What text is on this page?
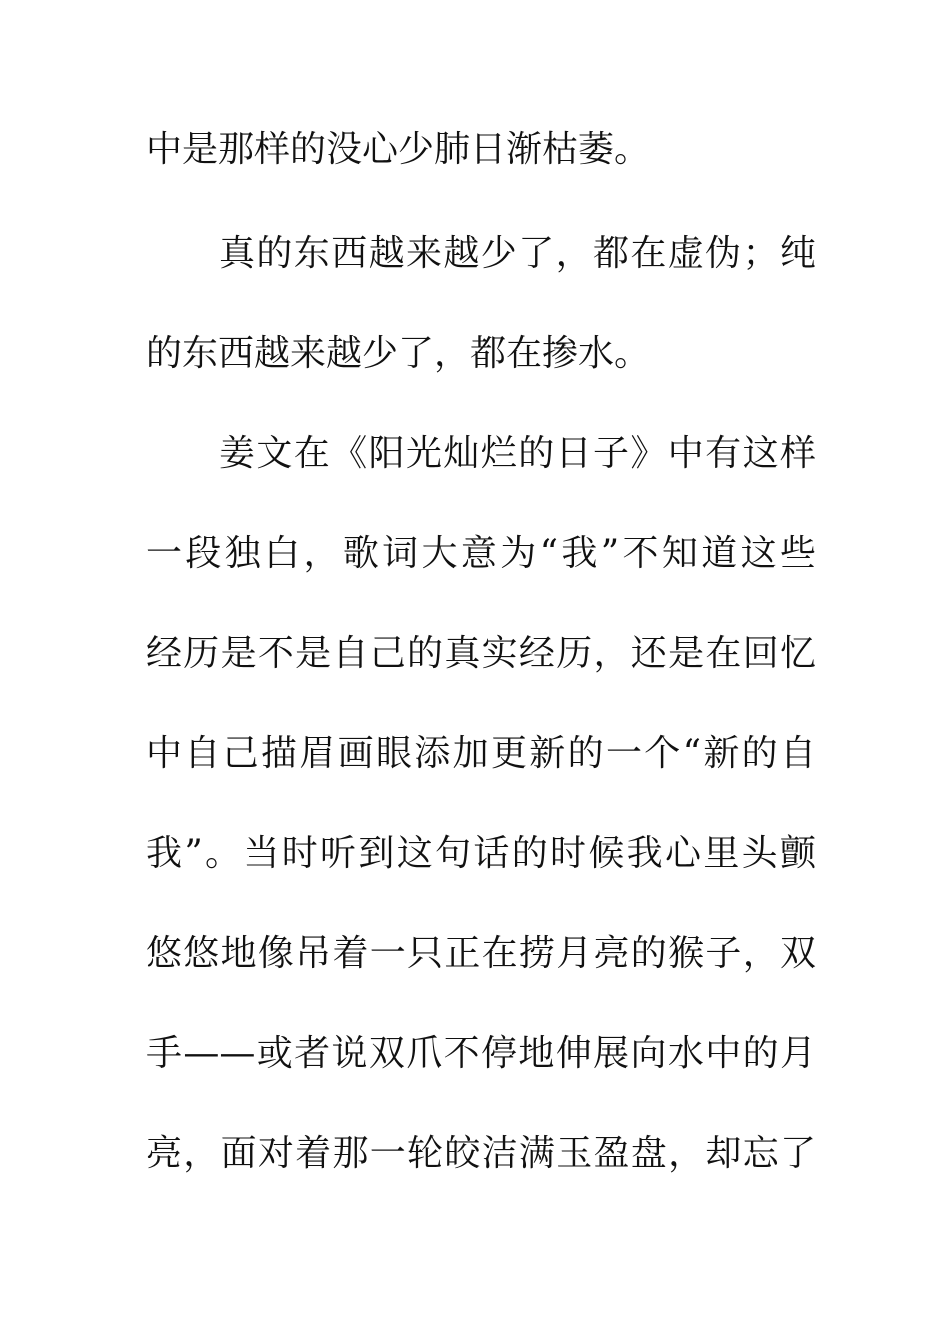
中是那样的没心少肺日渐枯萎。
真的东西越来越少了，都在虚伪；纯
的东西越来越少了，都在掺水。
姜文在《阳光灿烂的日子》中有这样
一段独白，歌词大意为“我”不知道这些
经历是不是自己的真实经历，还是在回忆
中自己描眉画眼添加更新的一个“新的自
我”。当时听到这句话的时候我心里头颤
悠悠地像吊着一只正在捞月亮的猴子，双
手——或者说双爪不停地伸展向水中的月
亮，面对着那一轮皎洁满玉盈盘，却忘了
